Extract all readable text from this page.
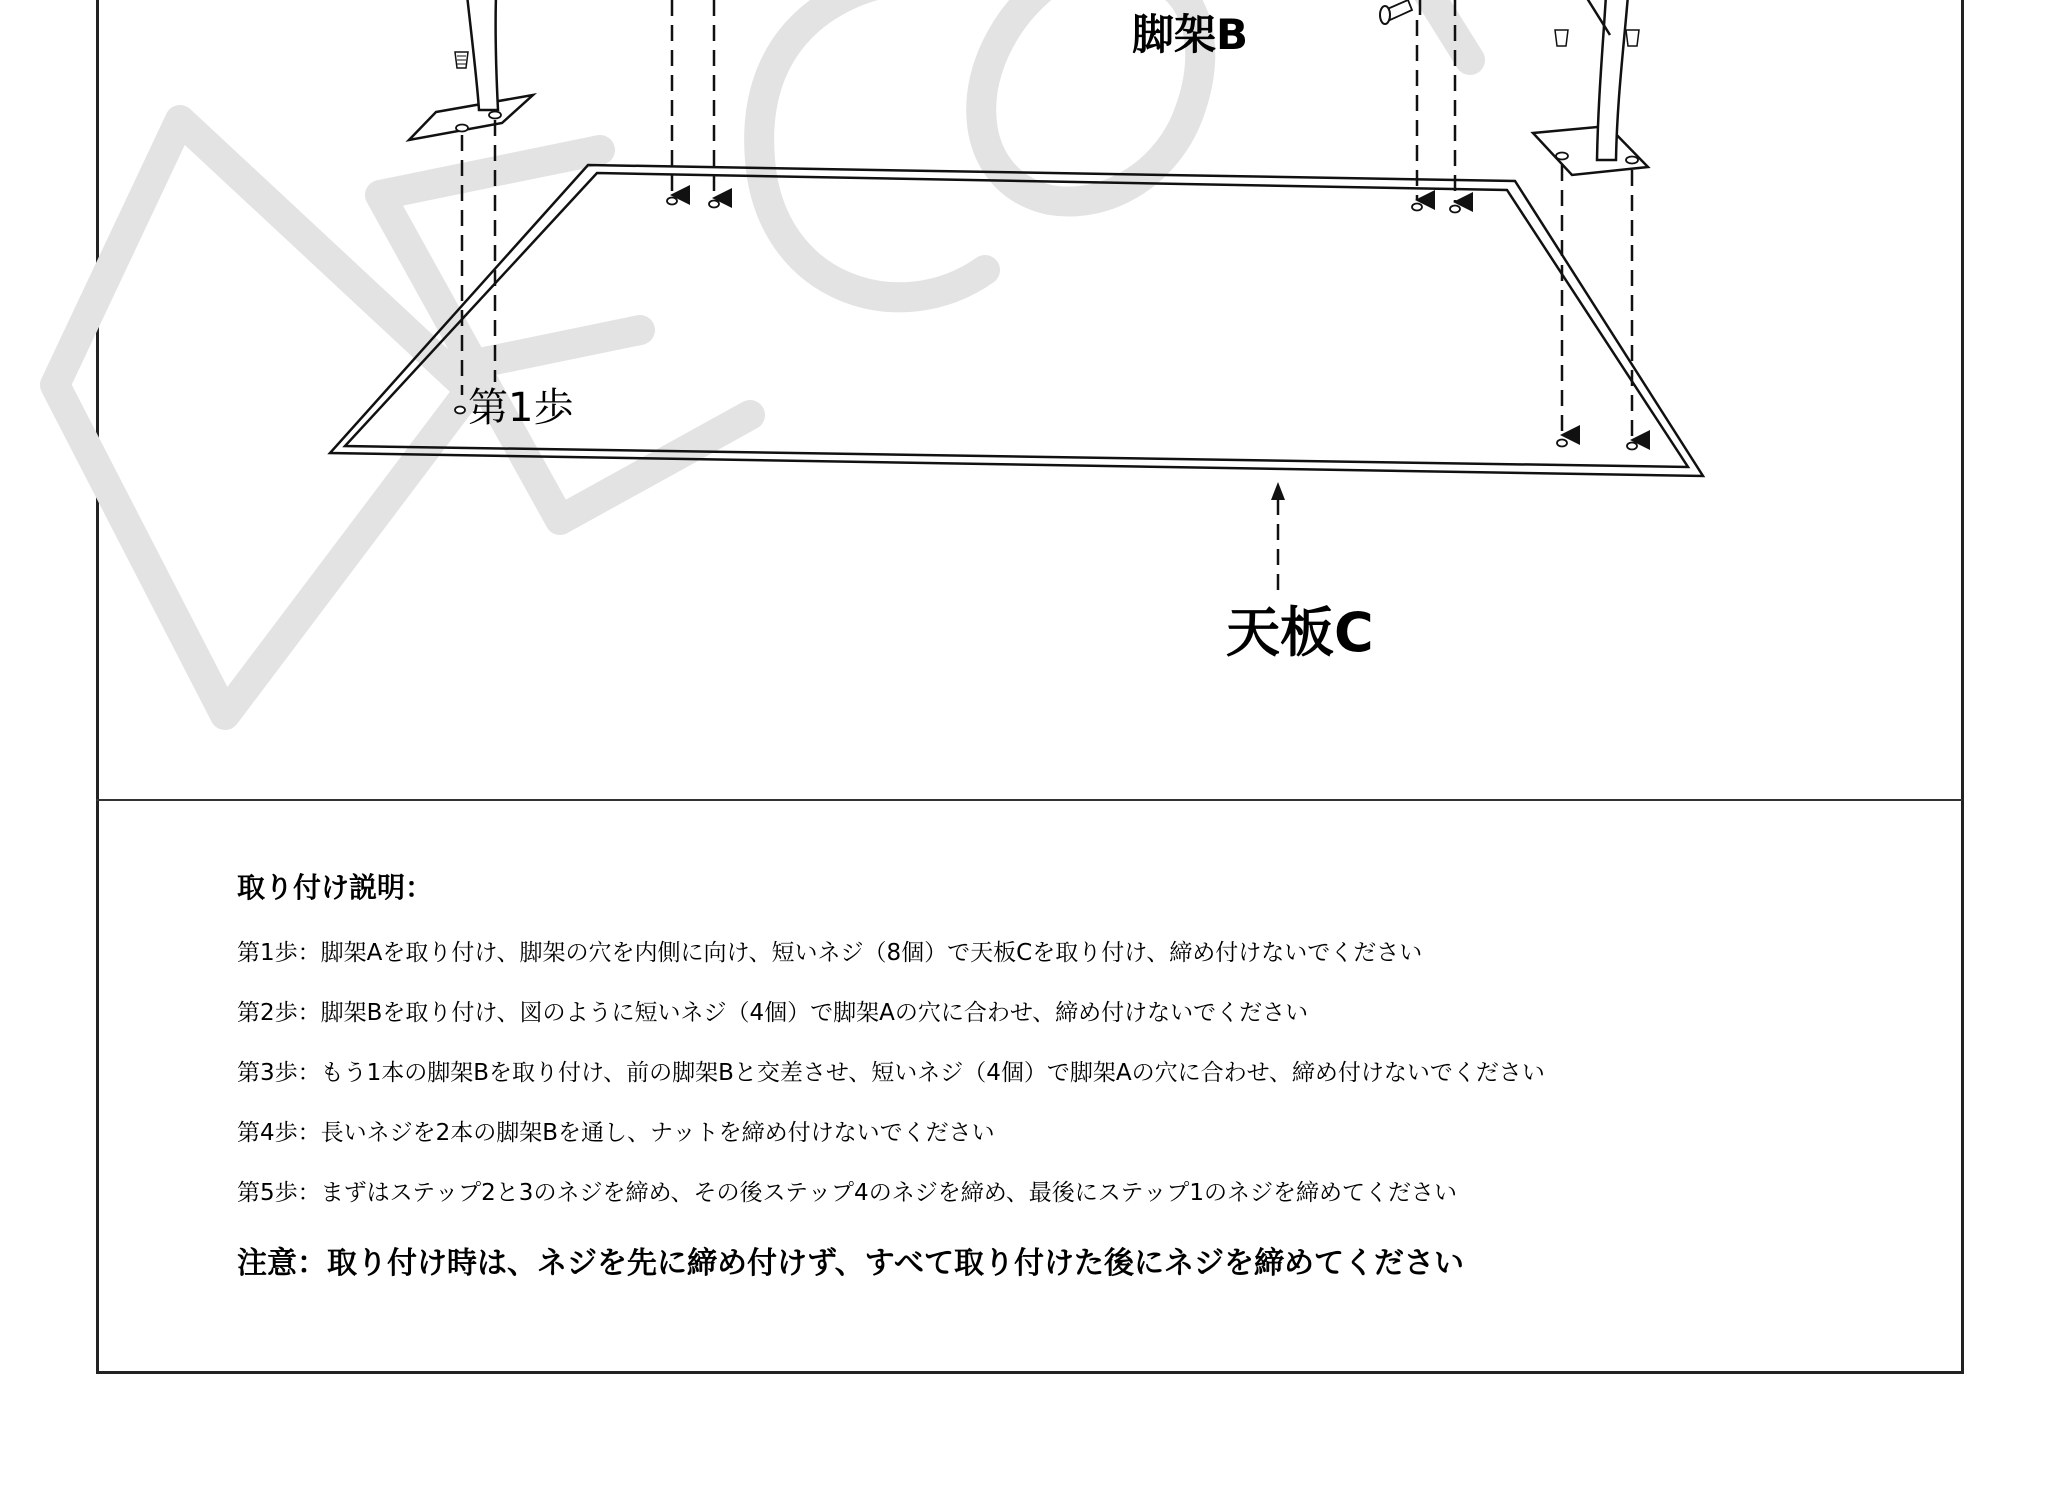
脚架B
天板C
第1歩
取り付け説明：
第1歩：脚架Aを取り付け、脚架の穴を内側に向け、短いネジ（8個）で天板Cを取り付け、締め付けないでください
第2歩：脚架Bを取り付け、図のように短いネジ（4個）で脚架Aの穴に合わせ、締め付けないでください
第3歩：もう1本の脚架Bを取り付け、前の脚架Bと交差させ、短いネジ（4個）で脚架Aの穴に合わせ、締め付けないでください
第4歩：長いネジを2本の脚架Bを通し、ナットを締め付けないでください
第5歩：まずはステップ2と3のネジを締め、その後ステップ4のネジを締め、最後にステップ1のネジを締めてください
注意：取り付け時は、ネジを先に締め付けず、すべて取り付けた後にネジを締めてください
